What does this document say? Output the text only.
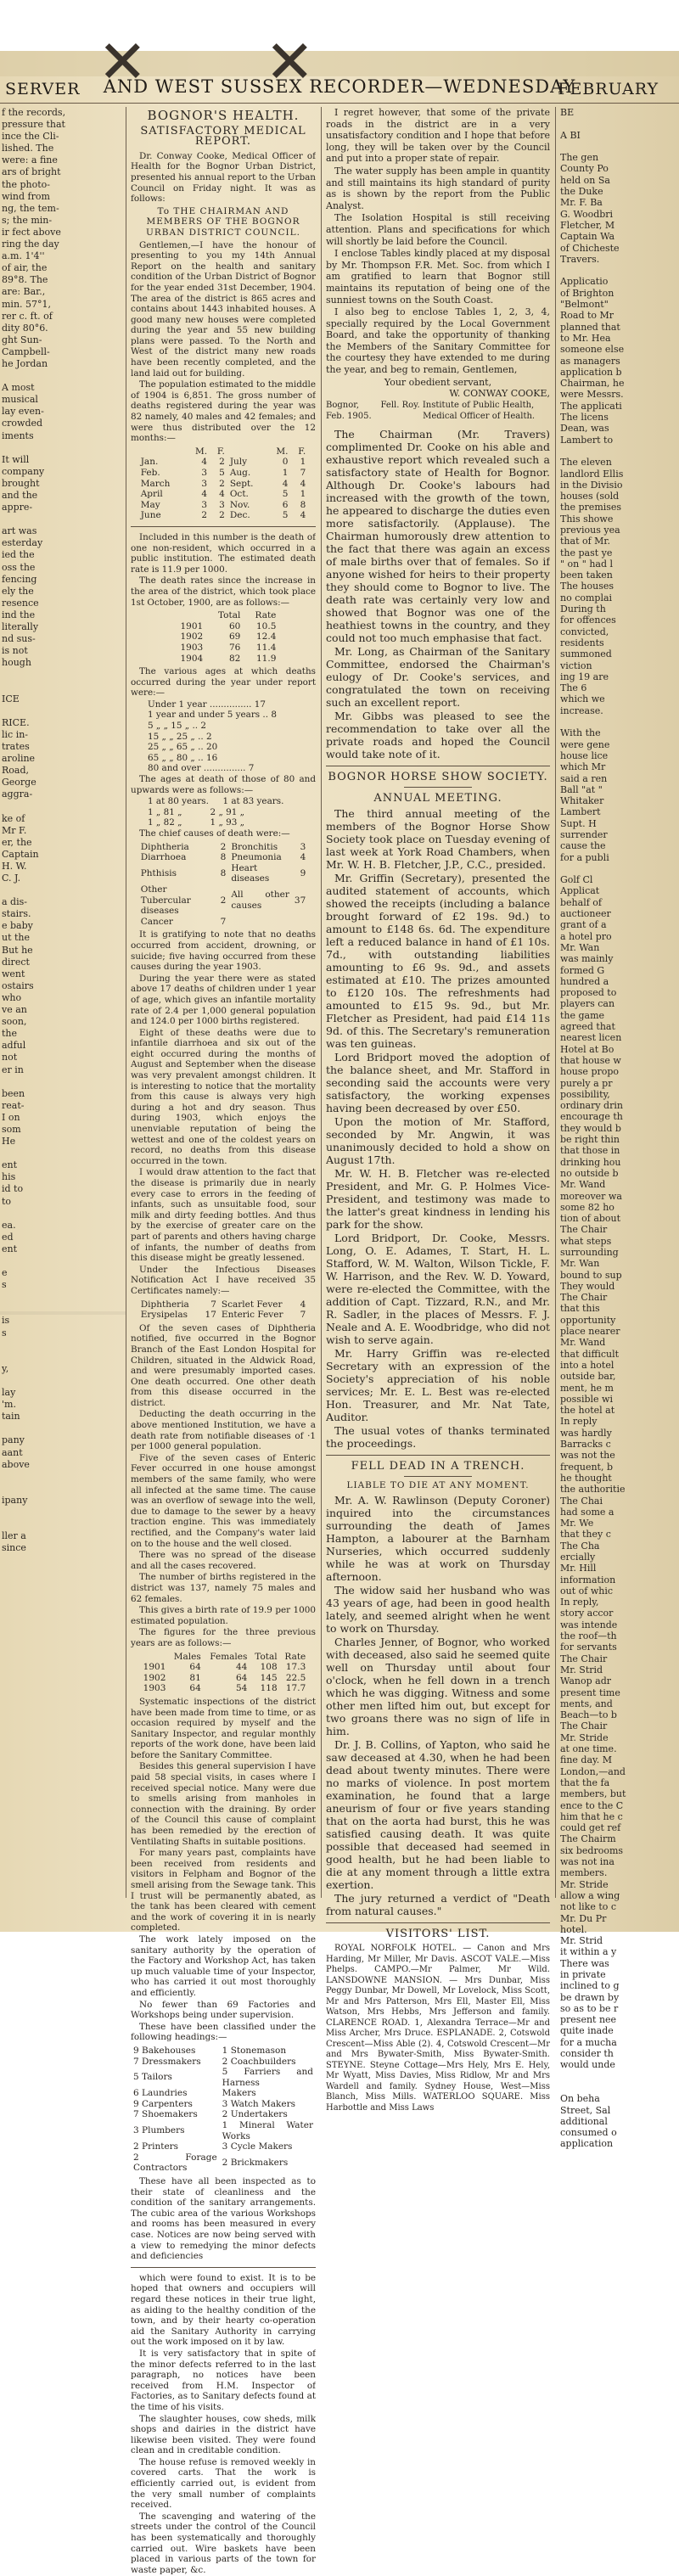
✕ ✕
SERVER	AND WEST SUSSEX RECORDER—WEDNESDAY
FEBRUARY
f the records,
pressure that
ince the Cli-
lished. The
were: a fine
ars of bright
the photo-
wind from
ng, the tem-
s; the min-
ir fect above
ring the day
a.m. 1'4''
of air, the
89°8. The
are: Bar.,
min. 57°1,
rer c. ft. of
dity 80°6.
ght Sun-
Campbell-
he Jordan

A most
musical
lay even-
crowded
iments

It will
company
brought
and the
appre-

art was
esterday
ied the
oss the
fencing
ely the
resence
ind the
literally
nd sus-
is not
hough

ICE

RICE.
lic in-
trates
aroline
Road,
George
aggra-

ke of
Mr F.
er, the
Captain
H. W.
C. J.

a dis-
stairs.
e baby
ut the
But he
direct
went
ostairs
who
ve an
soon,
the
adful
not
er in

been
reat-
I on
som
He

ent
his
id to
to

ea.
ed
ent

e
s

is
s

y,

lay
'm.
tain

pany
aant
above

ipany

ller a
since
BOGNOR'S HEALTH.
SATISFACTORY MEDICAL REPORT.

Dr. Conway Cooke, Medical Officer of Health for the Bognor Urban District, presented his annual report to the Urban Council on Friday night. It was as follows:

To THE CHAIRMAN AND MEMBERS OF THE BOGNOR
URBAN DISTRICT COUNCIL.

Gentlemen,—I have the honour of presenting to you my 14th Annual Report on the health and sanitary condition of the Urban District of Bognor for the year ended 31st December, 1904. The area of the district is 865 acres and contains about 1443 inhabited houses. A good many new houses were completed during the year and 55 new building plans were passed. To the North and West of the district many new roads have been recently completed, and the land laid out for building.

The population estimated to the middle of 1904 is 6,851. The gross number of deaths registered during the year was 82 namely, 40 males and 42 females; and were thus distributed over the 12 months:—

	M.	F.		M.	F.
Jan.	4	2	July	0	1
Feb.	3	5	Aug.	1	7
March	3	2	Sept.	4	4
April	4	4	Oct.	5	1
May	3	3	Nov.	6	8
June	2	2	Dec.	5	4

Included in this number is the death of one non-resident, which occurred in a public institution. The estimated death rate is 11.9 per 1000.

The death rates since the increase in the area of the district, which took place 1st October, 1900, are as follows:—

	Total	Rate
1901	60	10.5
1902	69	12.4
1903	76	11.4
1904	82	11.9

The various ages at which deaths occurred during the year under report were:—

Under 1 year ............... 17
1 year and under 5 years .. 8
5 „ „ 15 „ .. 2
15 „ „ 25 „ .. 2
25 „ „ 65 „ .. 20
65 „ „ 80 „ .. 16
80 and over ............... 7

The ages at death of those of 80 and upwards were as follows:—

1 at 80 years.     1 at 83 years.
1 „ 81 „          2 „ 91 „
1 „ 82 „          1 „ 93 „

The chief causes of death were:—

Diphtheria	2	Bronchitis	3
Diarrhoea	8	Pneumonia	4
Phthisis	8	Heart diseases	9
Other Tubercular diseases	2	All other causes	37
Cancer	7		

It is gratifying to note that no deaths occurred from accident, drowning, or suicide; five having occurred from these causes during the year 1903.

During the year there were as stated above 17 deaths of children under 1 year of age, which gives an infantile mortality rate of 2.4 per 1,000 general population and 124.0 per 1000 births registered.

Eight of these deaths were due to infantile diarrhoea and six out of the eight occurred during the months of August and September when the disease was very prevalent amongst children. It is interesting to notice that the mortality from this cause is always very high during a hot and dry season. Thus during 1903, which enjoys the unenviable reputation of being the wettest and one of the coldest years on record, no deaths from this disease occurred in the town.

I would draw attention to the fact that the disease is primarily due in nearly every case to errors in the feeding of infants, such as unsuitable food, sour milk and dirty feeding bottles. And thus by the exercise of greater care on the part of parents and others having charge of infants, the number of deaths from this disease might be greatly lessened.

Under the Infectious Diseases Notification Act I have received 35 Certificates namely:—

Diphtheria	7	Scarlet Fever	4
Erysipelas	17	Enteric Fever	7

Of the seven cases of Diphtheria notified, five occurred in the Bognor Branch of the East London Hospital for Children, situated in the Aldwick Road, and were presumably imported cases. One death occurred. One other death from this disease occurred in the district.

Deducting the death occurring in the above mentioned Institution, we have a death rate from notifiable diseases of ·1 per 1000 general population.

Five of the seven cases of Enteric Fever occurred in one house amongst members of the same family, who were all infected at the same time. The cause was an overflow of sewage into the well, due to damage to the sewer by a heavy traction engine. This was immediately rectified, and the Company's water laid on to the house and the well closed.

There was no spread of the disease and all the cases recovered.

The number of births registered in the district was 137, namely 75 males and 62 females.

This gives a birth rate of 19.9 per 1000 estimated population.

The figures for the three previous years are as follows:—

	Males	Females	Total	Rate
1901	64	44	108	17.3
1902	81	64	145	22.5
1903	64	54	118	17.7

Systematic inspections of the district have been made from time to time, or as occasion required by myself and the Sanitary Inspector, and regular monthly reports of the work done, have been laid before the Sanitary Committee.

Besides this general supervision I have paid 58 special visits, in cases where I received special notice. Many were due to smells arising from manholes in connection with the draining. By order of the Council this cause of complaint has been remedied by the erection of Ventilating Shafts in suitable positions.

For many years past, complaints have been received from residents and visitors in Felpham and Bognor of the smell arising from the Sewage tank. This I trust will be permanently abated, as the tank has been cleared with cement and the work of covering it in is nearly completed.

The work lately imposed on the sanitary authority by the operation of the Factory and Workshop Act, has taken up much valuable time of your Inspector, who has carried it out most thoroughly and efficiently.

No fewer than 69 Factories and Workshops being under supervision.

These have been classified under the following headings:—

9 Bakehouses	1 Stonemason
7 Dressmakers	2 Coachbuilders
5 Tailors	5 Farriers and Harness
6 Laundries	Makers
9 Carpenters	3 Watch Makers
7 Shoemakers	2 Undertakers
3 Plumbers	1 Mineral Water Works
2 Printers	3 Cycle Makers
2 Forage Contractors	2 Brickmakers

These have all been inspected as to their state of cleanliness and the condition of the sanitary arrangements. The cubic area of the various Workshops and rooms has been measured in every case. Notices are now being served with a view to remedying the minor defects and deficiencies

which were found to exist. It is to be hoped that owners and occupiers will regard these notices in their true light, as aiding to the healthy condition of the town, and by their hearty co-operation aid the Sanitary Authority in carrying out the work imposed on it by law.

It is very satisfactory that in spite of the minor defects referred to in the last paragraph, no notices have been received from H.M. Inspector of Factories, as to Sanitary defects found at the time of his visits.

The slaughter houses, cow sheds, milk shops and dairies in the district have likewise been visited. They were found clean and in creditable condition.

The house refuse is removed weekly in covered carts. That the work is efficiently carried out, is evident from the very small number of complaints received.

The scavenging and watering of the streets under the control of the Council has been systematically and thoroughly carried out. Wire baskets have been placed in various parts of the town for waste paper, &c.

I regret however, that some of the private roads in the district are in a very unsatisfactory condition and I hope that before long, they will be taken over by the Council and put into a proper state of repair.

The water supply has been ample in quantity and still maintains its high standard of purity as is shown by the report from the Public Analyst.

The Isolation Hospital is still receiving attention. Plans and specifications for which will shortly be laid before the Council.

I enclose Tables kindly placed at my disposal by Mr. Thompson F.R. Met. Soc. from which I am gratified to learn that Bognor still maintains its reputation of being one of the sunniest towns on the South Coast.

I also beg to enclose Tables 1, 2, 3, 4, specially required by the Local Government Board, and take the opportunity of thanking the Members of the Sanitary Committee for the courtesy they have extended to me during the year, and beg to remain, Gentlemen,

Your obedient servant,
W. CONWAY COOKE,
Bognor,        Fell. Roy. Institute of Public Health,
Feb. 1905.                   Medical Officer of Health.

The Chairman (Mr. Travers) complimented Dr. Cooke on his able and exhaustive report which revealed such a satisfactory state of Health for Bognor. Although Dr. Cooke's labours had increased with the growth of the town, he appeared to discharge the duties even more satisfactorily. (Applause). The Chairman humorously drew attention to the fact that there was again an excess of male births over that of females. So if anyone wished for heirs to their property they should come to Bognor to live. The death rate was certainly very low and showed that Bognor was one of the heathiest towns in the country, and they could not too much emphasise that fact.

Mr. Long, as Chairman of the Sanitary Committee, endorsed the Chairman's eulogy of Dr. Cooke's services, and congratulated the town on receiving such an excellent report.

Mr. Gibbs was pleased to see the recommendation to take over all the private roads and hoped the Council would take note of it.

BOGNOR HORSE SHOW SOCIETY.
ANNUAL MEETING.

The third annual meeting of the members of the Bognor Horse Show Society took place on Tuesday evening of last week at York Road Chambers, when Mr. W. H. B. Fletcher, J.P., C.C., presided.

Mr. Griffin (Secretary), presented the audited statement of accounts, which showed the receipts (including a balance brought forward of £2 19s. 9d.) to amount to £148 6s. 6d. The expenditure left a reduced balance in hand of £1 10s. 7d., with outstanding liabilities amounting to £6 9s. 9d., and assets estimated at £10. The prizes amounted to £120 10s. The refreshments had amounted to £15 9s. 9d., but Mr. Fletcher as President, had paid £14 11s 9d. of this. The Secretary's remuneration was ten guineas.

Lord Bridport moved the adoption of the balance sheet, and Mr. Stafford in seconding said the accounts were very satisfactory, the working expenses having been decreased by over £50.

Upon the motion of Mr. Stafford, seconded by Mr. Angwin, it was unanimously decided to hold a show on August 17th.

Mr. W. H. B. Fletcher was re-elected President, and Mr. G. P. Holmes Vice-President, and testimony was made to the latter's great kindness in lending his park for the show.

Lord Bridport, Dr. Cooke, Messrs. Long, O. E. Adames, T. Start, H. L. Stafford, W. M. Walton, Wilson Tickle, F. W. Harrison, and the Rev. W. D. Yoward, were re-elected the Committee, with the addition of Capt. Tizzard, R.N., and Mr. R. Sadler, in the places of Messrs. F. J. Neale and A. E. Woodbridge, who did not wish to serve again.

Mr. Harry Griffin was re-elected Secretary with an expression of the Society's appreciation of his noble services; Mr. E. L. Best was re-elected Hon. Treasurer, and Mr. Nat Tate, Auditor.

The usual votes of thanks terminated the proceedings.

FELL DEAD IN A TRENCH.
LIABLE TO DIE AT ANY MOMENT.

Mr. A. W. Rawlinson (Deputy Coroner) inquired into the circumstances surrounding the death of James Hampton, a labourer at the Barnham Nurseries, which occurred suddenly while he was at work on Thursday afternoon.

The widow said her husband who was 43 years of age, had been in good health lately, and seemed alright when he went to work on Thursday.

Charles Jenner, of Bognor, who worked with deceased, also said he seemed quite well on Thursday until about four o'clock, when he fell down in a trench which he was digging. Witness and some other men lifted him out, but except for two groans there was no sign of life in him.

Dr. J. B. Collins, of Yapton, who said he saw deceased at 4.30, when he had been dead about twenty minutes. There were no marks of violence. In post mortem examination, he found that a large aneurism of four or five years standing that on the aorta had burst, this he was satisfied causing death. It was quite possible that deceased had seemed in good health, but he had been liable to die at any moment through a little extra exertion.

The jury returned a verdict of "Death from natural causes."

VISITORS' LIST.

ROYAL NORFOLK HOTEL. — Canon and Mrs Harding, Mr Miller, Mr Davis. ASCOT VALE.—Miss Phelps. CAMPO.—Mr Palmer, Mr Wild. LANSDOWNE MANSION. — Mrs Dunbar, Miss Peggy Dunbar, Mr Dowell, Mr Lovelock, Miss Scott, Mr and Mrs Patterson, Mrs Ell, Master Ell, Miss Watson, Mrs Hebbs, Mrs Jefferson and family. CLARENCE ROAD. 1, Alexandra Terrace—Mr and Miss Archer, Mrs Druce. ESPLANADE. 2, Cotswold Crescent—Miss Able (2). 4, Cotswold Crescent—Mr and Mrs Bywater-Smith, Miss Bywater-Smith. STEYNE. Steyne Cottage—Mrs Hely, Mrs E. Hely, Mr Wyatt, Miss Davies, Miss Ridlow, Mr and Mrs Wardell and family. Sydney House, West—Miss Blanch, Miss Mills. WATERLOO SQUARE. Miss Harbottle and Miss Laws

BE

A BI

The gen
County Po
held on Sa
the Duke
Mr. F. Ba
G. Woodbri
Fletcher, M
Captain Wa
of Chicheste
Travers.

Applicatio
of Brighton
"Belmont"
Road to Mr
planned that
to Mr. Hea
someone else
as managers
application b
Chairman, he
were Messrs.
The applicati
The licens
Dean, was
Lambert to

The eleven
landlord Ellis
in the Divisio
houses (sold
the premises
This showe
previous yea
that of Mr.
the past ye
" on " had l
been taken
The houses
no complai
During th
for offences
convicted,
residents
summoned
viction
ing 19 are
The 6
which we
increase.

With the
were gene
house lice
which Mr
said a ren
Ball "at "
Whitaker
Lambert
Supt. H
surrender
cause the
for a publi

Golf Cl
Applicat
behalf of
auctioneer
grant of a
a hotel pro
Mr. Wan
was mainly
formed G
hundred a
proposed to
players can
the game
agreed that
nearest licen
Hotel at Bo
that house w
house propo
purely a pr
possibility,
ordinary drin
encourage th
they would b
be right thin
that those in
drinking hou
no outside b
Mr. Wand
moreover wa
some 82 ho
tion of about
The Chair
what steps
surrounding
Mr. Wan
bound to sup
They would
The Chair
that this
opportunity
place nearer
Mr. Wand
that difficult
into a hotel
outside bar,
ment, he m
possible wi
the hotel at
In reply
was hardly
Barracks c
was not the
frequent, b
he thought
the authoritie
The Chai
had some a
Mr. We
that they c
The Cha
ercially
Mr. Hill
information
out of whic
In reply,
story accor
was intende
the roof—th
for servants
The Chair
Mr. Strid
Wanop adr
present time
ments, and
Beach—to b
The Chair
Mr. Stride
at one time.
fine day. M
London,—and
that the fa
members, but
ence to the C
him that he c
could get ref
The Chairm
six bedrooms
was not ina
members.
Mr. Stride
allow a wing
not like to c
Mr. Du Pr
hotel.
Mr. Strid
it within a y
There was
in private
inclined to g
be drawn by
so as to be r
present nee
quite inade
for a mucha
consider th
would unde

On beha
Street, Sal
additional
consumed o
application
